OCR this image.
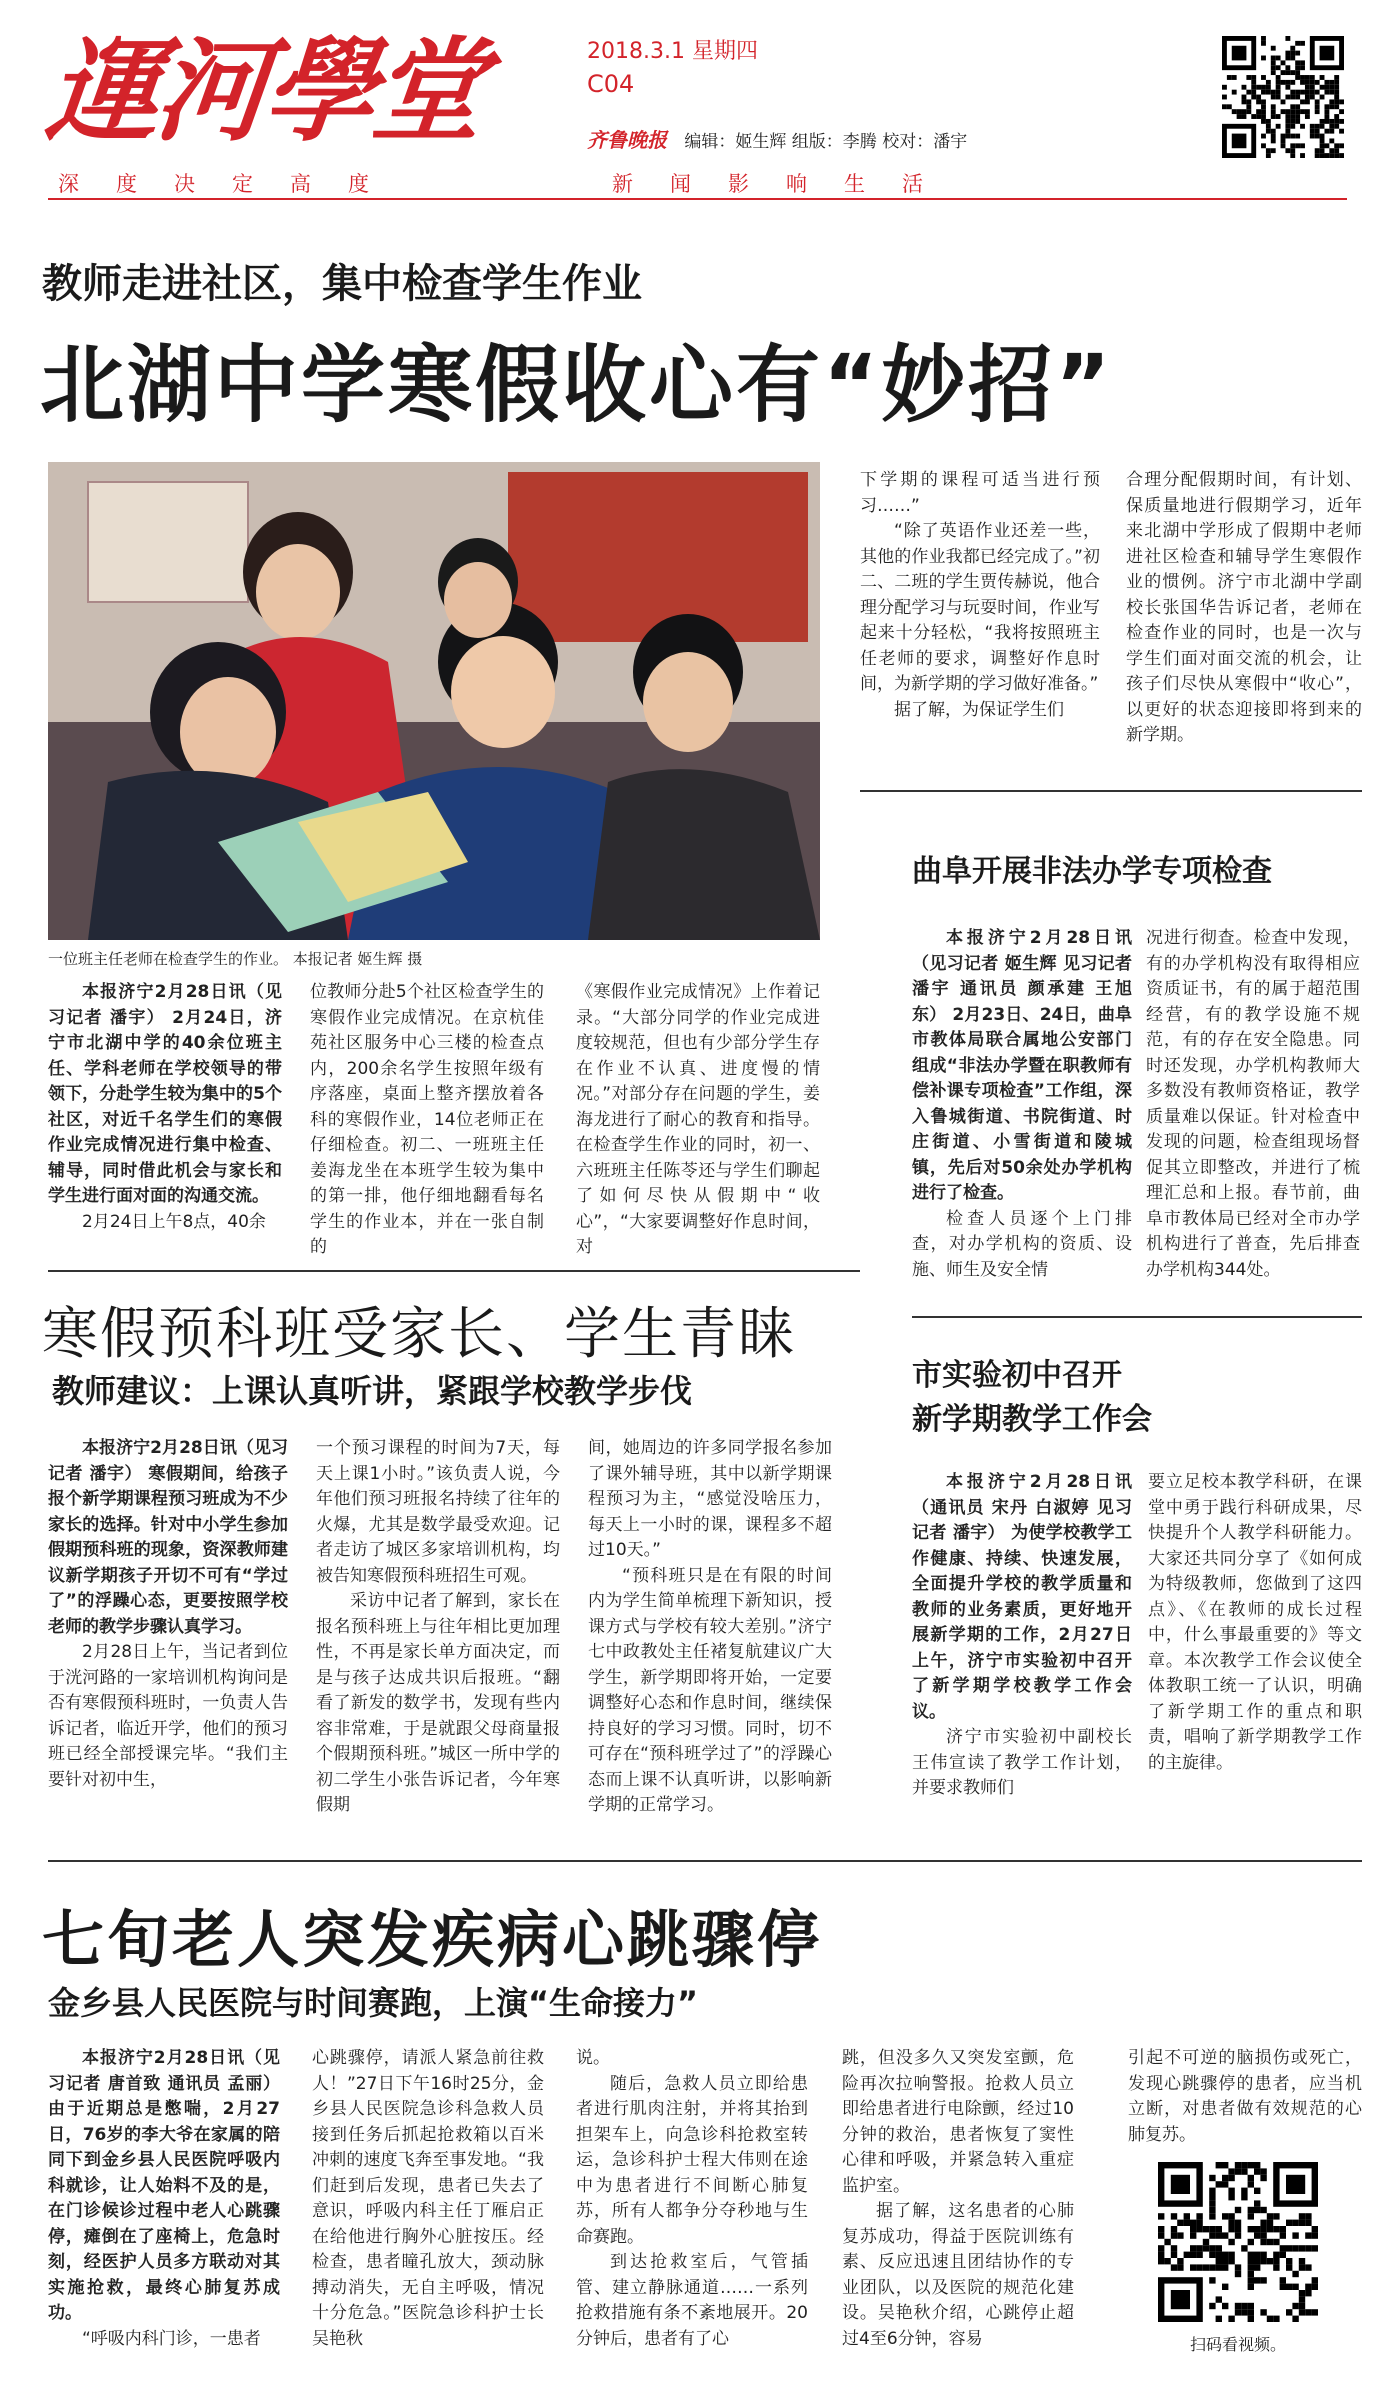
運河學堂	2018.3.1 星期四
C04
齐鲁晚报 编辑：姬生辉 组版：李腾 校对：潘宇
深度决定高度	新闻影响生活
教师走进社区，集中检查学生作业
北湖中学寒假收心有“妙招”
一位班主任老师在检查学生的作业。 本报记者 姬生辉 摄

本报济宁2月28日讯（见习记者 潘宇） 2月24日，济宁市北湖中学的40余位班主任、学科老师在学校领导的带领下，分赴学生较为集中的5个社区，对近千名学生们的寒假作业完成情况进行集中检查、辅导，同时借此机会与家长和学生进行面对面的沟通交流。

2月24日上午8点，40余

位教师分赴5个社区检查学生的寒假作业完成情况。在京杭佳苑社区服务中心三楼的检查点内，200余名学生按照年级有序落座，桌面上整齐摆放着各科的寒假作业，14位老师正在仔细检查。初二、一班班主任姜海龙坐在本班学生较为集中的第一排，他仔细地翻看每名学生的作业本，并在一张自制的

《寒假作业完成情况》上作着记录。“大部分同学的作业完成进度较规范，但也有少部分学生存在作业不认真、进度慢的情况。”对部分存在问题的学生，姜海龙进行了耐心的教育和指导。在检查学生作业的同时，初一、六班班主任陈苓还与学生们聊起了如何尽快从假期中“收心”，“大家要调整好作息时间，对

下学期的课程可适当进行预习……”

“除了英语作业还差一些，其他的作业我都已经完成了。”初二、二班的学生贾传赫说，他合理分配学习与玩耍时间，作业写起来十分轻松，“我将按照班主任老师的要求，调整好作息时间，为新学期的学习做好准备。”

据了解，为保证学生们

合理分配假期时间，有计划、保质量地进行假期学习，近年来北湖中学形成了假期中老师进社区检查和辅导学生寒假作业的惯例。济宁市北湖中学副校长张国华告诉记者，老师在检查作业的同时，也是一次与学生们面对面交流的机会，让孩子们尽快从寒假中“收心”，以更好的状态迎接即将到来的新学期。

曲阜开展非法办学专项检查

本报济宁2月28日讯（见习记者 姬生辉 见习记者 潘宇 通讯员 颜承建 王旭东） 2月23日、24日，曲阜市教体局联合属地公安部门组成“非法办学暨在职教师有偿补课专项检查”工作组，深入鲁城街道、书院街道、时庄街道、小雪街道和陵城镇，先后对50余处办学机构进行了检查。

检查人员逐个上门排查，对办学机构的资质、设施、师生及安全情

况进行彻查。检查中发现，有的办学机构没有取得相应资质证书，有的属于超范围经营，有的教学设施不规范，有的存在安全隐患。同时还发现，办学机构教师大多数没有教师资格证，教学质量难以保证。针对检查中发现的问题，检查组现场督促其立即整改，并进行了梳理汇总和上报。春节前，曲阜市教体局已经对全市办学机构进行了普查，先后排查办学机构344处。

寒假预科班受家长、学生青睐
教师建议：上课认真听讲，紧跟学校教学步伐

本报济宁2月28日讯（见习记者 潘宇） 寒假期间，给孩子报个新学期课程预习班成为不少家长的选择。针对中小学生参加假期预科班的现象，资深教师建议新学期孩子开切不可有“学过了”的浮躁心态，更要按照学校老师的教学步骤认真学习。

2月28日上午，当记者到位于洸河路的一家培训机构询问是否有寒假预科班时，一负责人告诉记者，临近开学，他们的预习班已经全部授课完毕。“我们主要针对初中生，

一个预习课程的时间为7天，每天上课1小时。”该负责人说，今年他们预习班报名持续了往年的火爆，尤其是数学最受欢迎。记者走访了城区多家培训机构，均被告知寒假预科班招生可观。

采访中记者了解到，家长在报名预科班上与往年相比更加理性，不再是家长单方面决定，而是与孩子达成共识后报班。“翻看了新发的数学书，发现有些内容非常难，于是就跟父母商量报个假期预科班。”城区一所中学的初二学生小张告诉记者，今年寒假期

间，她周边的许多同学报名参加了课外辅导班，其中以新学期课程预习为主，“感觉没啥压力，每天上一小时的课，课程多不超过10天。”

“预科班只是在有限的时间内为学生简单梳理下新知识，授课方式与学校有较大差别。”济宁七中政教处主任褚复航建议广大学生，新学期即将开始，一定要调整好心态和作息时间，继续保持良好的学习习惯。同时，切不可存在“预科班学过了”的浮躁心态而上课不认真听讲，以影响新学期的正常学习。

市实验初中召开
新学期教学工作会

本报济宁2月28日讯（通讯员 宋丹 白淑婷 见习记者 潘宇） 为使学校教学工作健康、持续、快速发展，全面提升学校的教学质量和教师的业务素质，更好地开展新学期的工作，2月27日上午，济宁市实验初中召开了新学期学校教学工作会议。

济宁市实验初中副校长王伟宣读了教学工作计划，并要求教师们

要立足校本教学科研，在课堂中勇于践行科研成果，尽快提升个人教学科研能力。大家还共同分享了《如何成为特级教师，您做到了这四点》、《在教师的成长过程中，什么事最重要的》等文章。本次教学工作会议使全体教职工统一了认识，明确了新学期工作的重点和职责，唱响了新学期教学工作的主旋律。

七旬老人突发疾病心跳骤停
金乡县人民医院与时间赛跑，上演“生命接力”

本报济宁2月28日讯（见习记者 唐首致 通讯员 孟丽） 由于近期总是憋喘，2月27日，76岁的李大爷在家属的陪同下到金乡县人民医院呼吸内科就诊，让人始料不及的是，在门诊候诊过程中老人心跳骤停，瘫倒在了座椅上，危急时刻，经医护人员多方联动对其实施抢救，最终心肺复苏成功。

“呼吸内科门诊，一患者

心跳骤停，请派人紧急前往救人！”27日下午16时25分，金乡县人民医院急诊科急救人员接到任务后抓起抢救箱以百米冲刺的速度飞奔至事发地。“我们赶到后发现，患者已失去了意识，呼吸内科主任丁雁启正在给他进行胸外心脏按压。经检查，患者瞳孔放大，颈动脉搏动消失，无自主呼吸，情况十分危急。”医院急诊科护士长吴艳秋

说。

随后，急救人员立即给患者进行肌肉注射，并将其抬到担架车上，向急诊科抢救室转运，急诊科护士程大伟则在途中为患者进行不间断心肺复苏，所有人都争分夺秒地与生命赛跑。

到达抢救室后，气管插管、建立静脉通道……一系列抢救措施有条不紊地展开。20分钟后，患者有了心

跳，但没多久又突发室颤，危险再次拉响警报。抢救人员立即给患者进行电除颤，经过10分钟的救治，患者恢复了窦性心律和呼吸，并紧急转入重症监护室。

据了解，这名患者的心肺复苏成功，得益于医院训练有素、反应迅速且团结协作的专业团队，以及医院的规范化建设。吴艳秋介绍，心跳停止超过4至6分钟，容易

引起不可逆的脑损伤或死亡，发现心跳骤停的患者，应当机立断，对患者做有效规范的心肺复苏。

扫码看视频。
